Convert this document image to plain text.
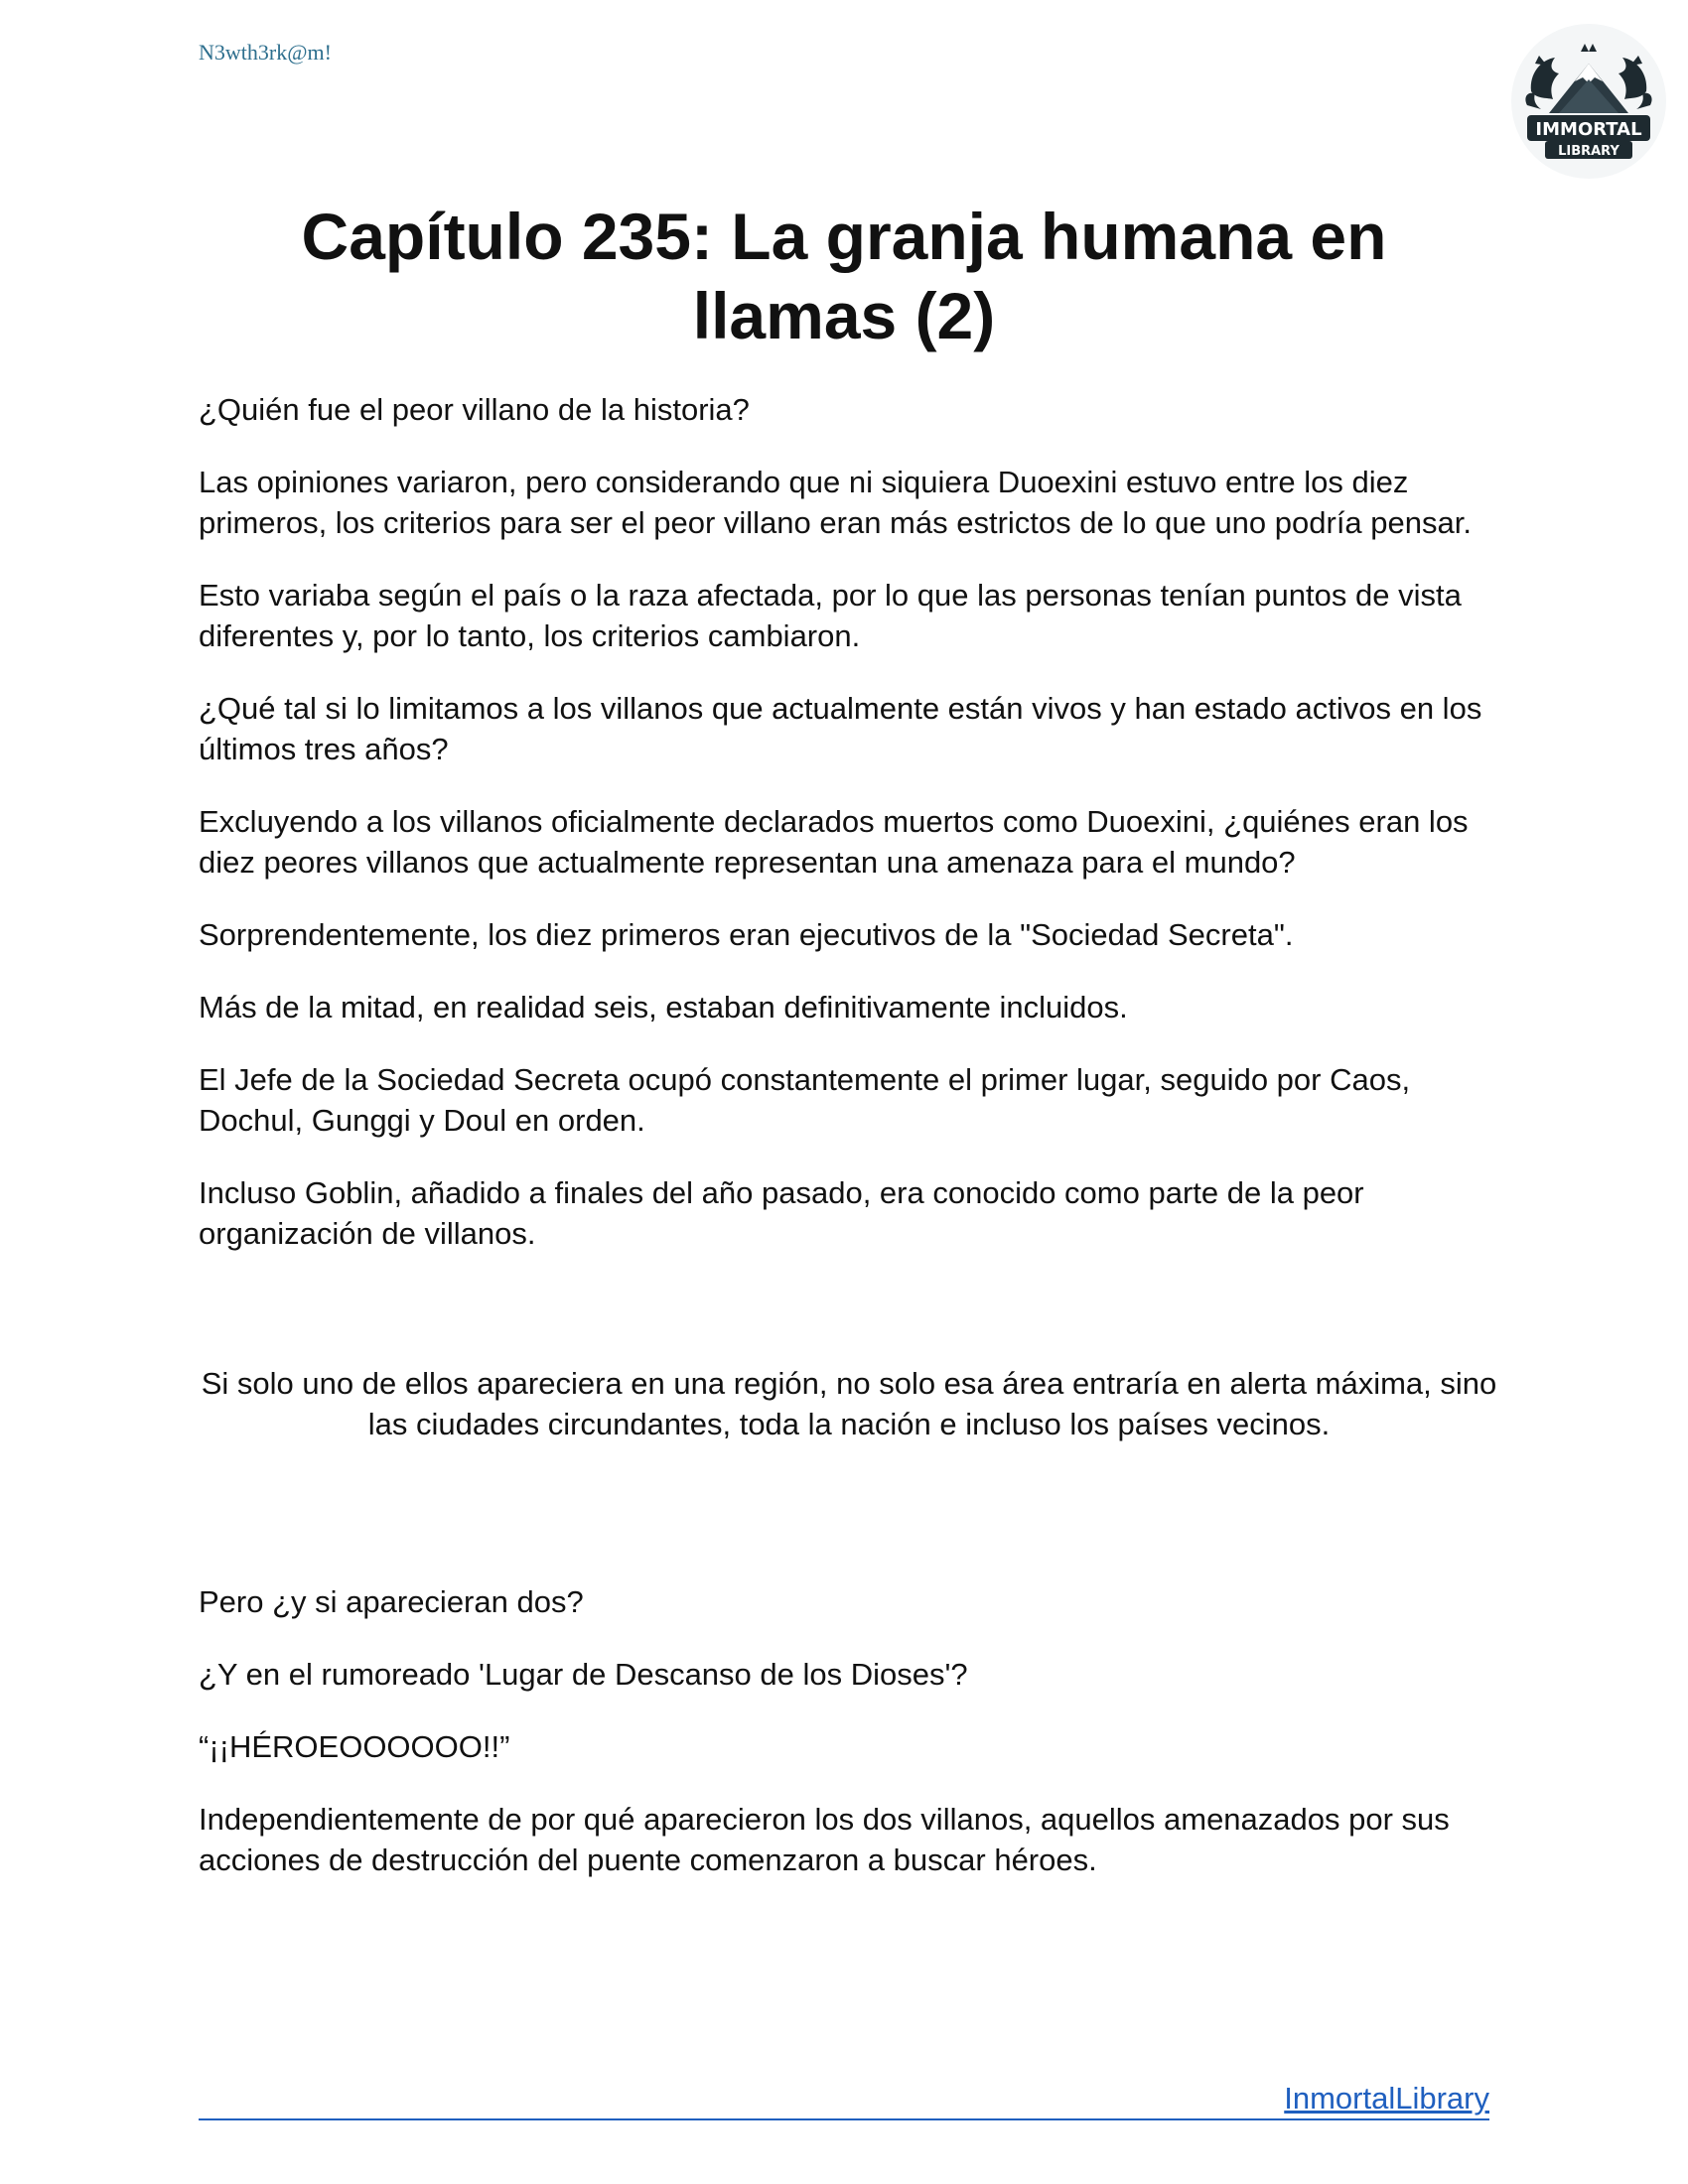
N3wth3rk@m!
IMMORTAL
LIBRARY
Capítulo 235: La granja humana en llamas (2)

¿Quién fue el peor villano de la historia?

Las opiniones variaron, pero considerando que ni siquiera Duoexini estuvo entre los diez primeros, los criterios para ser el peor villano eran más estrictos de lo que uno podría pensar.

Esto variaba según el país o la raza afectada, por lo que las personas tenían puntos de vista diferentes y, por lo tanto, los criterios cambiaron.

¿Qué tal si lo limitamos a los villanos que actualmente están vivos y han estado activos en los últimos tres años?

Excluyendo a los villanos oficialmente declarados muertos como Duoexini, ¿quiénes eran los diez peores villanos que actualmente representan una amenaza para el mundo?

Sorprendentemente, los diez primeros eran ejecutivos de la "Sociedad Secreta".

Más de la mitad, en realidad seis, estaban definitivamente incluidos.

El Jefe de la Sociedad Secreta ocupó constantemente el primer lugar, seguido por Caos, Dochul, Gunggi y Doul en orden.

Incluso Goblin, añadido a finales del año pasado, era conocido como parte de la peor organización de villanos.

Si solo uno de ellos apareciera en una región, no solo esa área entraría en alerta máxima, sino las ciudades circundantes, toda la nación e incluso los países vecinos.

Pero ¿y si aparecieran dos?

¿Y en el rumoreado 'Lugar de Descanso de los Dioses'?

“¡¡HÉROEOOOOOO!!”

Independientemente de por qué aparecieron los dos villanos, aquellos amenazados por sus acciones de destrucción del puente comenzaron a buscar héroes.

InmortalLibrary
